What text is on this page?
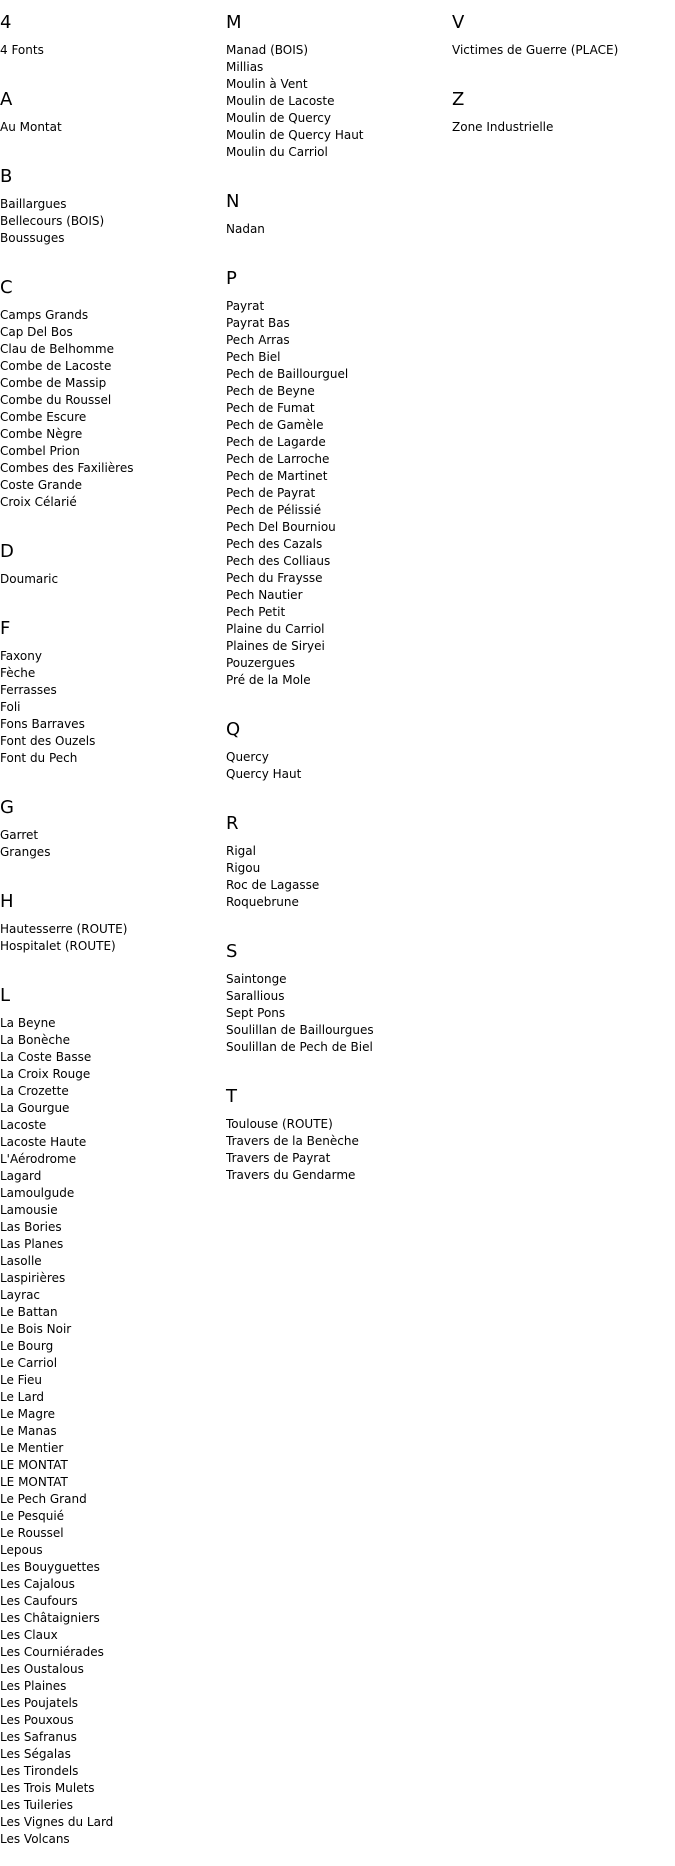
4
4 Fonts
A
Au Montat
B
Baillargues
Bellecours (BOIS)
Boussuges
C
Camps Grands
Cap Del Bos
Clau de Belhomme
Combe de Lacoste
Combe de Massip
Combe du Roussel
Combe Escure
Combe Nègre
Combel Prion
Combes des Faxilières
Coste Grande
Croix Célarié
D
Doumaric
F
Faxony
Fèche
Ferrasses
Foli
Fons Barraves
Font des Ouzels
Font du Pech
G
Garret
Granges
H
Hautesserre (ROUTE)
Hospitalet (ROUTE)
L
La Beyne
La Bonèche
La Coste Basse
La Croix Rouge
La Crozette
La Gourgue
Lacoste
Lacoste Haute
L'Aérodrome
Lagard
Lamoulgude
Lamousie
Las Bories
Las Planes
Lasolle
Laspirières
Layrac
Le Battan
Le Bois Noir
Le Bourg
Le Carriol
Le Fieu
Le Lard
Le Magre
Le Manas
Le Mentier
LE MONTAT
LE MONTAT
Le Pech Grand
Le Pesquié
Le Roussel
Lepous
Les Bouyguettes
Les Cajalous
Les Caufours
Les Châtaigniers
Les Claux
Les Courniérades
Les Oustalous
Les Plaines
Les Poujatels
Les Pouxous
Les Safranus
Les Ségalas
Les Tirondels
Les Trois Mulets
Les Tuileries
Les Vignes du Lard
Les Volcans
M
Manad (BOIS)
Millias
Moulin à Vent
Moulin de Lacoste
Moulin de Quercy
Moulin de Quercy Haut
Moulin du Carriol
N
Nadan
P
Payrat
Payrat Bas
Pech Arras
Pech Biel
Pech de Baillourguel
Pech de Beyne
Pech de Fumat
Pech de Gamèle
Pech de Lagarde
Pech de Larroche
Pech de Martinet
Pech de Payrat
Pech de Pélissié
Pech Del Bourniou
Pech des Cazals
Pech des Colliaus
Pech du Fraysse
Pech Nautier
Pech Petit
Plaine du Carriol
Plaines de Siryei
Pouzergues
Pré de la Mole
Q
Quercy
Quercy Haut
R
Rigal
Rigou
Roc de Lagasse
Roquebrune
S
Saintonge
Sarallious
Sept Pons
Soulillan de Baillourgues
Soulillan de Pech de Biel
T
Toulouse (ROUTE)
Travers de la Benèche
Travers de Payrat
Travers du Gendarme
V
Victimes de Guerre (PLACE)
Z
Zone Industrielle
